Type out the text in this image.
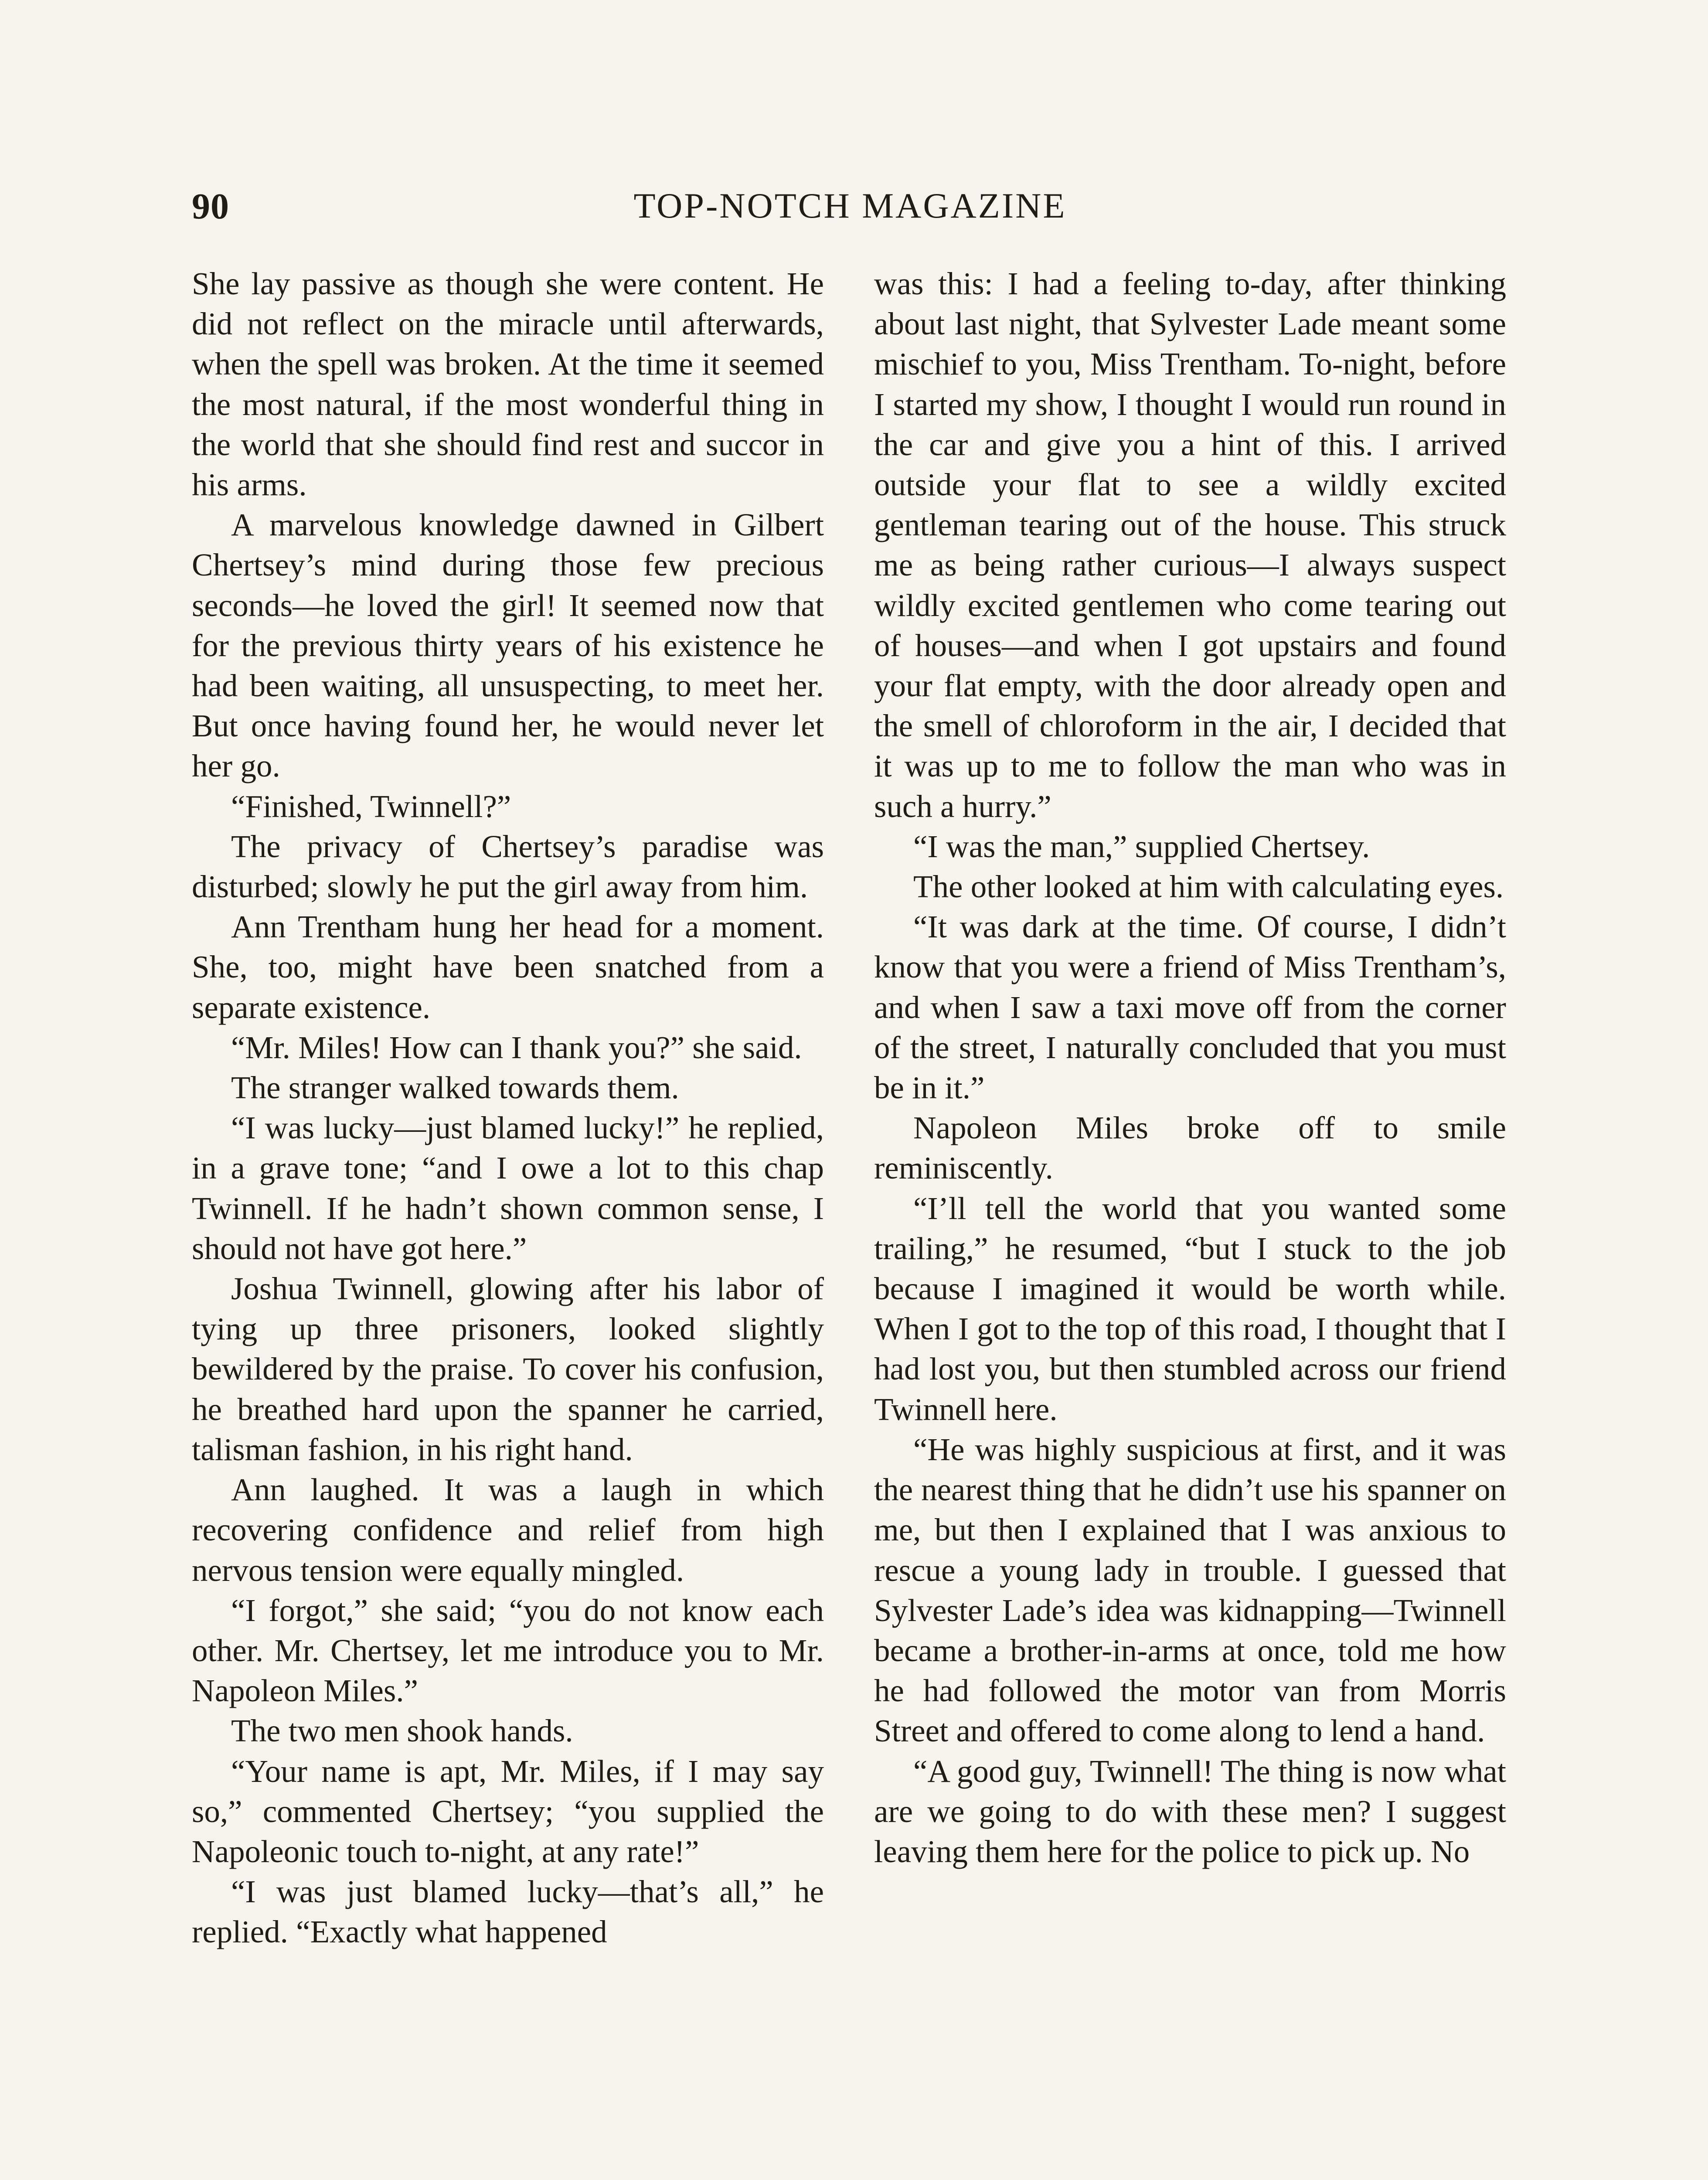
TOP-NOTCH MAGAZINE
90

She lay passive as though she were content. He did not reflect on the miracle until afterwards, when the spell was broken. At the time it seemed the most natural, if the most wonderful thing in the world that she should find rest and succor in his arms.

A marvelous knowledge dawned in Gilbert Chertsey’s mind during those few precious seconds—he loved the girl! It seemed now that for the previous thirty years of his existence he had been waiting, all unsuspecting, to meet her. But once having found her, he would never let her go.

“Finished, Twinnell?”

The privacy of Chertsey’s paradise was disturbed; slowly he put the girl away from him.

Ann Trentham hung her head for a moment. She, too, might have been snatched from a separate existence.

“Mr. Miles! How can I thank you?” she said.

The stranger walked towards them.

“I was lucky—just blamed lucky!” he replied, in a grave tone; “and I owe a lot to this chap Twinnell. If he hadn’t shown common sense, I should not have got here.”

Joshua Twinnell, glowing after his labor of tying up three prisoners, looked slightly bewildered by the praise. To cover his confusion, he breathed hard upon the spanner he carried, talisman fashion, in his right hand.

Ann laughed. It was a laugh in which recovering confidence and relief from high nervous tension were equally mingled.

“I forgot,” she said; “you do not know each other. Mr. Chertsey, let me introduce you to Mr. Napoleon Miles.”

The two men shook hands.

“Your name is apt, Mr. Miles, if I may say so,” commented Chertsey; “you supplied the Napoleonic touch to-night, at any rate!”

“I was just blamed lucky—that’s all,” he replied. “Exactly what happened

was this: I had a feeling to-day, after thinking about last night, that Sylvester Lade meant some mischief to you, Miss Trentham. To-night, before I started my show, I thought I would run round in the car and give you a hint of this. I arrived outside your flat to see a wildly excited gentleman tearing out of the house. This struck me as being rather curious—I always suspect wildly excited gentlemen who come tearing out of houses—and when I got upstairs and found your flat empty, with the door already open and the smell of chloroform in the air, I decided that it was up to me to follow the man who was in such a hurry.”

“I was the man,” supplied Chertsey.

The other looked at him with calculating eyes.

“It was dark at the time. Of course, I didn’t know that you were a friend of Miss Trentham’s, and when I saw a taxi move off from the corner of the street, I naturally concluded that you must be in it.”

Napoleon Miles broke off to smile reminiscently.

“I’ll tell the world that you wanted some trailing,” he resumed, “but I stuck to the job because I imagined it would be worth while. When I got to the top of this road, I thought that I had lost you, but then stumbled across our friend Twinnell here.

“He was highly suspicious at first, and it was the nearest thing that he didn’t use his spanner on me, but then I explained that I was anxious to rescue a young lady in trouble. I guessed that Sylvester Lade’s idea was kidnapping—Twinnell became a brother-in-arms at once, told me how he had followed the motor van from Morris Street and offered to come along to lend a hand.

“A good guy, Twinnell! The thing is now what are we going to do with these men? I suggest leaving them here for the police to pick up. No
